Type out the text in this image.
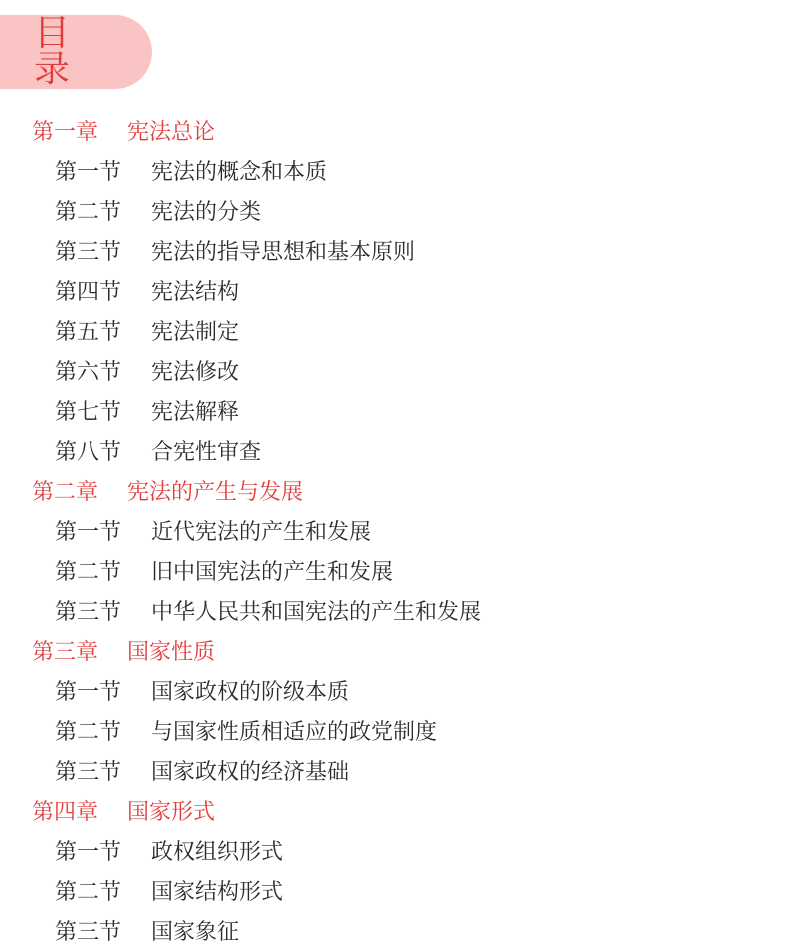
目 录
第一章	宪法总论
第一节	宪法的概念和本质
第二节	宪法的分类
第三节	宪法的指导思想和基本原则
第四节	宪法结构
第五节	宪法制定
第六节	宪法修改
第七节	宪法解释
第八节	合宪性审查
第二章	宪法的产生与发展
第一节	近代宪法的产生和发展
第二节	旧中国宪法的产生和发展
第三节	中华人民共和国宪法的产生和发展
第三章	国家性质
第一节	国家政权的阶级本质
第二节	与国家性质相适应的政党制度
第三节	国家政权的经济基础
第四章	国家形式
第一节	政权组织形式
第二节	国家结构形式
第三节	国家象征
